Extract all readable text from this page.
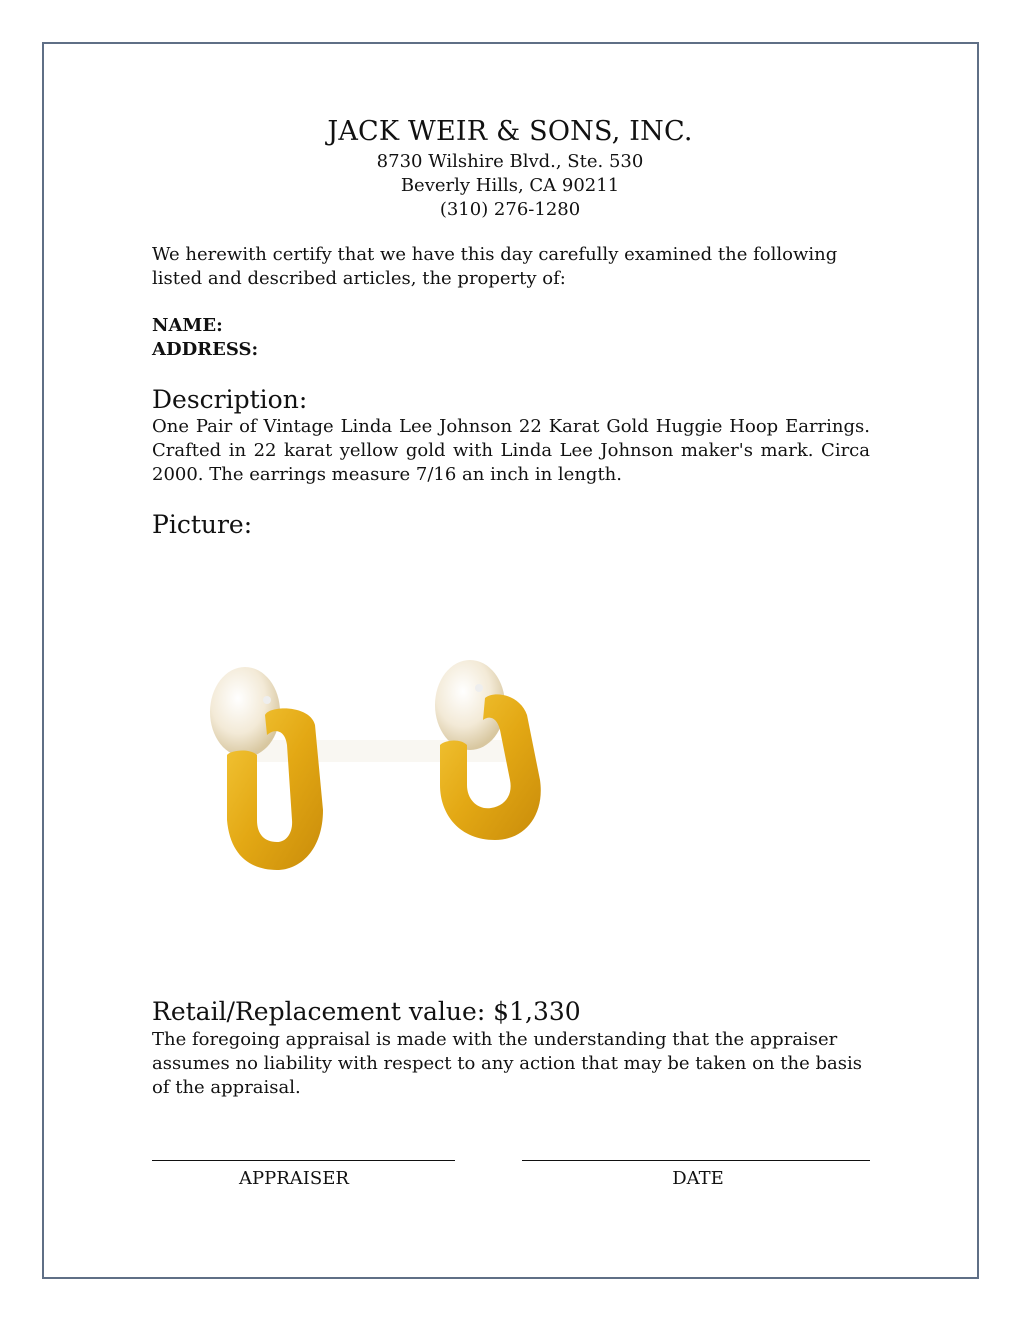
JACK WEIR & SONS, INC.
8730 Wilshire Blvd., Ste. 530
Beverly Hills, CA 90211
(310) 276-1280
We herewith certify that we have this day carefully examined the following listed and described articles, the property of:
NAME:
ADDRESS:
Description:
One Pair of Vintage Linda Lee Johnson 22 Karat Gold Huggie Hoop Earrings. Crafted in 22 karat yellow gold with Linda Lee Johnson maker's mark. Circa 2000. The earrings measure 7/16 an inch in length.
Picture:
Retail/Replacement value: $1,330
The foregoing appraisal is made with the understanding that the appraiser assumes no liability with respect to any action that may be taken on the basis of the appraisal.
APPRAISER	DATE
